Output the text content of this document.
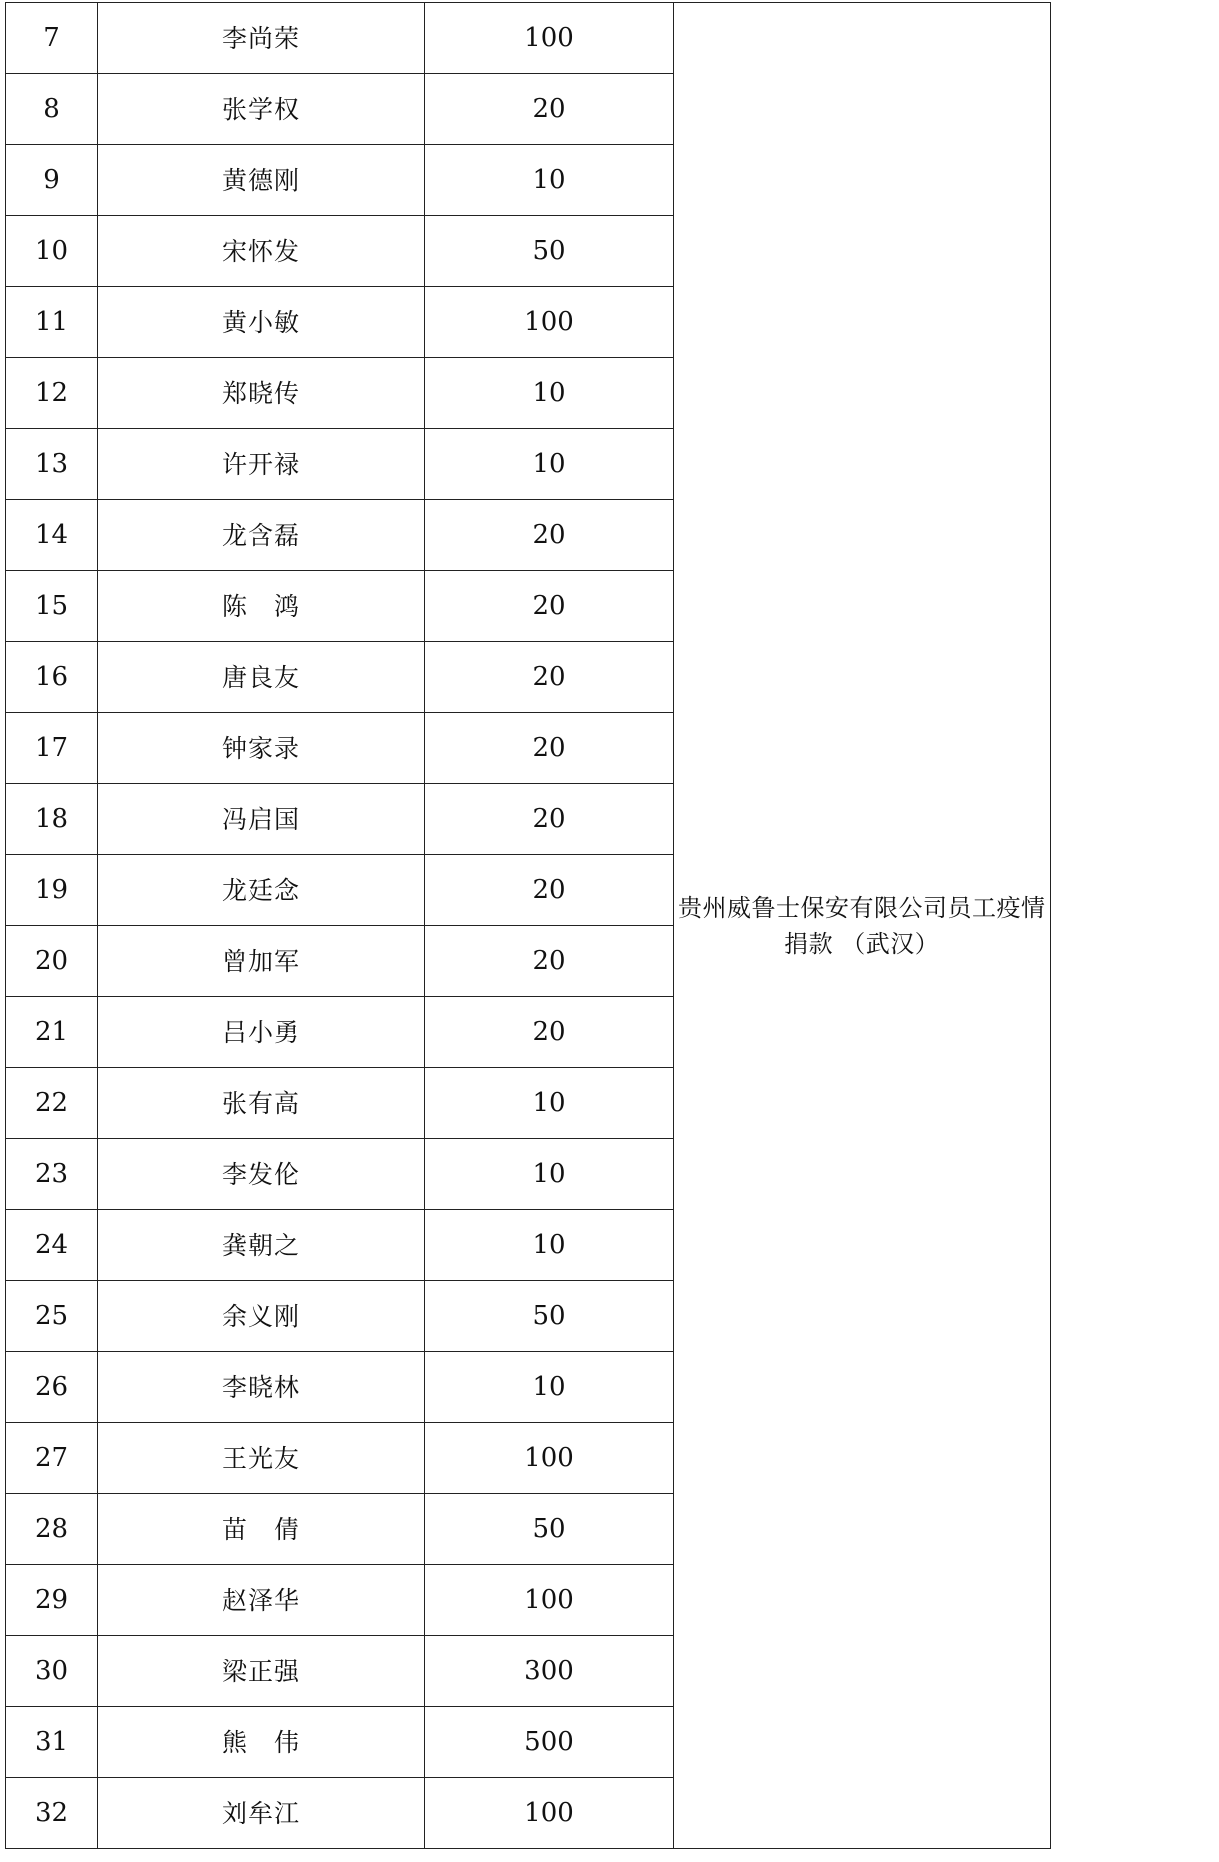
7	李尚荣	100	贵州威鲁士保安有限公司员工疫情
捐款 （武汉）

8	张学权	20	
9	黄德刚	10	
10	宋怀发	50	
11	黄小敏	100	
12	郑晓传	10	
13	许开禄	10	
14	龙含磊	20	
15	陈　鸿	20	
16	唐良友	20	
17	钟家录	20	
18	冯启国	20	
19	龙廷念	20	
20	曾加军	20	
21	吕小勇	20	
22	张有高	10	
23	李发伦	10	
24	龚朝之	10	
25	余义刚	50	
26	李晓林	10	
27	王光友	100	
28	苗　倩	50	
29	赵泽华	100	
30	梁正强	300	
31	熊　伟	500	
32	刘牟江	100	
